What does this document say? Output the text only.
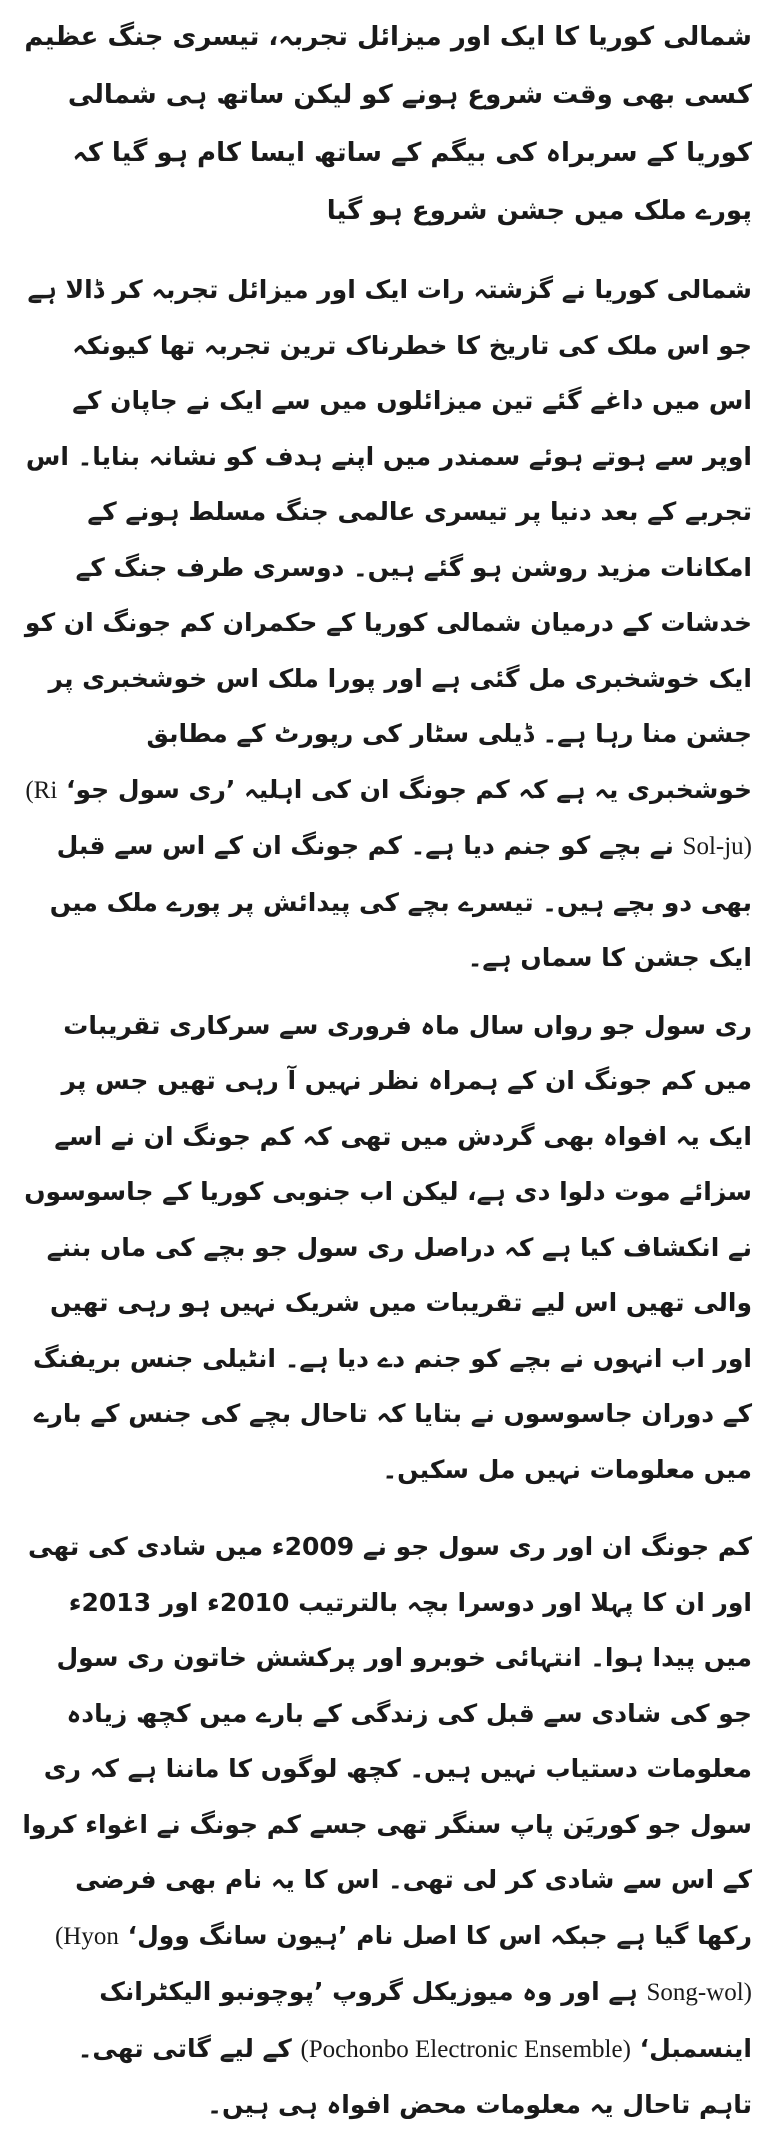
شمالی کوریا کا ایک اور میزائل تجربہ، تیسری جنگ عظیم کسی بھی وقت شروع ہونے کو لیکن ساتھ ہی شمالی کوریا کے سربراہ کی بیگم کے ساتھ ایسا کام ہو گیا کہ پورے ملک میں جشن شروع ہو گیا

شمالی کوریا نے گزشتہ رات ایک اور میزائل تجربہ کر ڈالا ہے جو اس ملک کی تاریخ کا خطرناک ترین تجربہ تھا کیونکہ اس میں داغے گئے تین میزائلوں میں سے ایک نے جاپان کے اوپر سے ہوتے ہوئے سمندر میں اپنے ہدف کو نشانہ بنایا۔ اس تجربے کے بعد دنیا پر تیسری عالمی جنگ مسلط ہونے کے امکانات مزید روشن ہو گئے ہیں۔ دوسری طرف جنگ کے خدشات کے درمیان شمالی کوریا کے حکمران کم جونگ ان کو ایک خوشخبری مل گئی ہے اور پورا ملک اس خوشخبری پر جشن منا رہا ہے۔ ڈیلی سٹار کی رپورٹ کے مطابق خوشخبری یہ ہے کہ کم جونگ ان کی اہلیہ ’ری سول جو‘ (Ri Sol-ju) نے بچے کو جنم دیا ہے۔ کم جونگ ان کے اس سے قبل بھی دو بچے ہیں۔ تیسرے بچے کی پیدائش پر پورے ملک میں ایک جشن کا سماں ہے۔

ری سول جو رواں سال ماہ فروری سے سرکاری تقریبات میں کم جونگ ان کے ہمراہ نظر نہیں آ رہی تھیں جس پر ایک یہ افواہ بھی گردش میں تھی کہ کم جونگ ان نے اسے سزائے موت دلوا دی ہے، لیکن اب جنوبی کوریا کے جاسوسوں نے انکشاف کیا ہے کہ دراصل ری سول جو بچے کی ماں بننے والی تھیں اس لیے تقریبات میں شریک نہیں ہو رہی تھیں اور اب انہوں نے بچے کو جنم دے دیا ہے۔ انٹیلی جنس بریفنگ کے دوران جاسوسوں نے بتایا کہ تاحال بچے کی جنس کے بارے میں معلومات نہیں مل سکیں۔

کم جونگ ان اور ری سول جو نے 2009ء میں شادی کی تھی اور ان کا پہلا اور دوسرا بچہ بالترتیب 2010ء اور 2013ء میں پیدا ہوا۔ انتہائی خوبرو اور پرکشش خاتون ری سول جو کی شادی سے قبل کی زندگی کے بارے میں کچھ زیادہ معلومات دستیاب نہیں ہیں۔ کچھ لوگوں کا ماننا ہے کہ ری سول جو کوریَن پاپ سنگر تھی جسے کم جونگ نے اغواء کروا کے اس سے شادی کر لی تھی۔ اس کا یہ نام بھی فرضی رکھا گیا ہے جبکہ اس کا اصل نام ’ہیون سانگ وول‘ (Hyon Song-wol) ہے اور وہ میوزیکل گروپ ’پوچونبو الیکٹرانک اینسمبل‘ (Pochonbo Electronic Ensemble) کے لیے گاتی تھی۔ تاہم تاحال یہ معلومات محض افواہ ہی ہیں۔
